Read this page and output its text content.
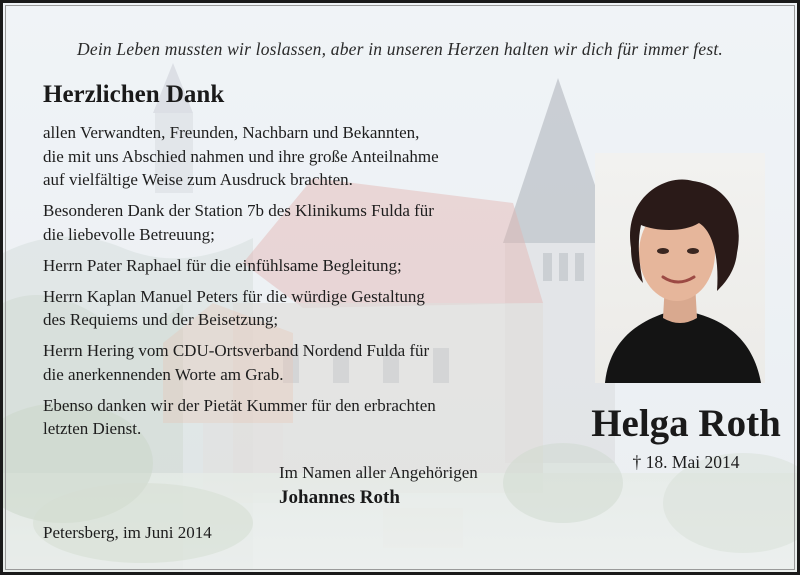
Dein Leben mussten wir loslassen, aber in unseren Herzen halten wir dich für immer fest.
Herzlichen Dank

allen Verwandten, Freunden, Nachbarn und Bekannten,
die mit uns Abschied nahmen und ihre große Anteilnahme
auf vielfältige Weise zum Ausdruck brachten.

Besonderen Dank der Station 7b des Klinikums Fulda für
die liebevolle Betreuung;

Herrn Pater Raphael für die einfühlsame Begleitung;

Herrn Kaplan Manuel Peters für die würdige Gestaltung
des Requiems und der Beisetzung;

Herrn Hering vom CDU-Ortsverband Nordend Fulda für
die anerkennenden Worte am Grab.

Ebenso danken wir der Pietät Kummer für den erbrachten
letzten Dienst.	Helga Roth
† 18. Mai 2014
Im Namen aller Angehörigen
Johannes Roth
Petersberg, im Juni 2014
